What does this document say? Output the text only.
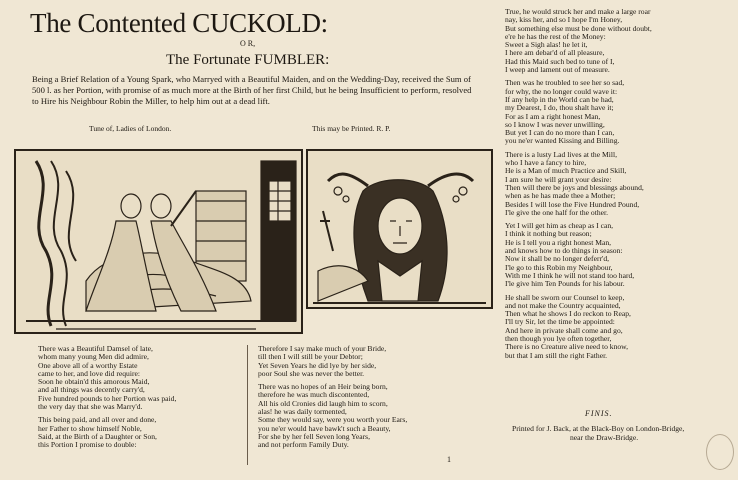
The Contented CUCKOLD:
O R,
The Fortunate FUMBLER:
Being a Brief Relation of a Young Spark, who Marryed with a Beautiful Maiden, and on the Wedding-Day, received the Sum of 500 l. as her Portion, with promise of as much more at the Birth of her first Child, but he being Insufficient to perform, resolved to Hire his Neighbour Robin the Miller, to help him out at a dead lift.
Tune of, Ladies of London.	This may be Printed. R. P.
There was a Beautiful Damsel of late,
whom many young Men did admire,
One above all of a worthy Estate
came to her, and love did require:
Soon he obtain'd this amorous Maid,
and all things was decently carry'd,
Five hundred pounds to her Portion was paid,
the very day that she was Marry'd.
This being paid, and all over and done,
her Father to show himself Noble,
Said, at the Birth of a Daughter or Son,
this Portion I promise to double:
Therefore I say make much of your Bride,
till then I will still be your Debtor;
Yet Seven Years he did lye by her side,
poor Soul she was never the better.
There was no hopes of an Heir being born,
therefore he was much discontented,
All his old Cronies did laugh him to scorn,
alas! he was daily tormented,
Some they would say, were you worth your Ears,
you ne'er would have bawk't such a Beauty,
For she by her fell Seven long Years,
and not perform Family Duty.
True, he would struck her and make a large roar
nay, kiss her, and so I hope I'm Honey,
But something else must be done without doubt,
e're he has the rest of the Money:
Sweet a Sigh alas! he let it,
I here am debar'd of all pleasure,
Had this Maid such bed to tune of I,
I weep and lament out of measure.
Then was he troubled to see her so sad,
for why, the no longer could wave it:
If any help in the World can be had,
my Dearest, I do, thou shalt have it;
For as I am a right honest Man,
so I know I was never unwilling,
But yet I can do no more than I can,
you ne'er wanted Kissing and Billing.
There is a lusty Lad lives at the Mill,
who I have a fancy to hire,
He is a Man of much Practice and Skill,
I am sure he will grant your desire:
Then will there be joys and blessings abound,
when as he has made thee a Mother;
Besides I will lose the Five Hundred Pound,
I'le give the one half for the other.
Yet I will get him as cheap as I can,
I think it nothing but reason;
He is I tell you a right honest Man,
and knows how to do things in season:
Now it shall be no longer deferr'd,
I'le go to this Robin my Neighbour,
With me I think he will not stand too hard,
I'le give him Ten Pounds for his labour.
He shall be sworn our Counsel to keep,
and not make the Country acquainted,
Then what he shows I do reckon to Reap,
I'll try Sir, let the time be appointed:
And here in private shall come and go,
then though you lye often together,
There is no Creature alive need to know,
but that I am still the right Father.
FINIS.
Printed for J. Back, at the Black-Boy on London-Bridge,
near the Draw-Bridge.
1
